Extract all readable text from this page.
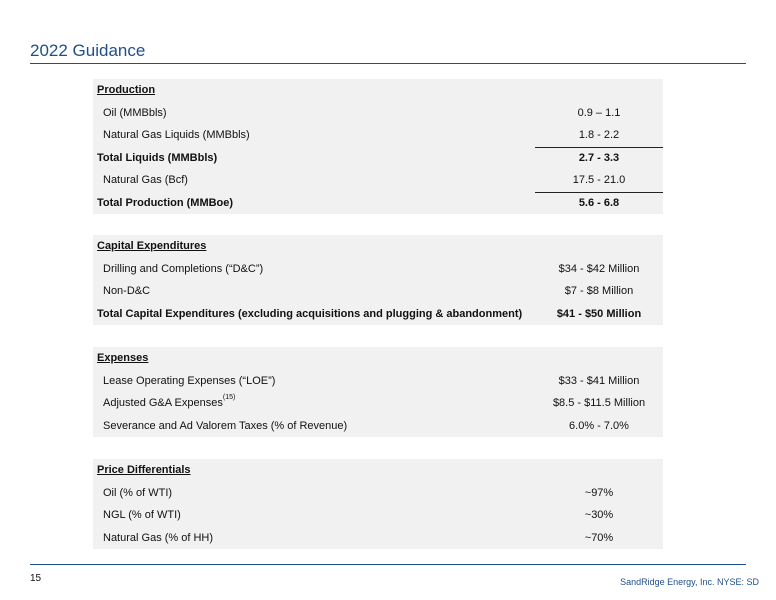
2022 Guidance
Production
Oil (MMBbls)	0.9 – 1.1
Natural Gas Liquids (MMBbls)	1.8 - 2.2
Total Liquids (MMBbls)	2.7 - 3.3
Natural Gas (Bcf)	17.5 - 21.0
Total Production (MMBoe)	5.6 - 6.8
Capital Expenditures
Drilling and Completions (“D&C”)	$34 - $42 Million
Non-D&C	$7 - $8 Million
Total Capital Expenditures (excluding acquisitions and plugging & abandonment)	$41 - $50 Million
Expenses
Lease Operating Expenses (“LOE”)	$33 - $41 Million
Adjusted G&A Expenses$^{(15)}$	$8.5 - $11.5 Million
Severance and Ad Valorem Taxes (% of Revenue)	6.0% - 7.0%
Price Differentials
Oil (% of WTI)	~97%
NGL (% of WTI)	~30%
Natural Gas (% of HH)	~70%
15	SandRidge Energy, Inc. NYSE: SD
